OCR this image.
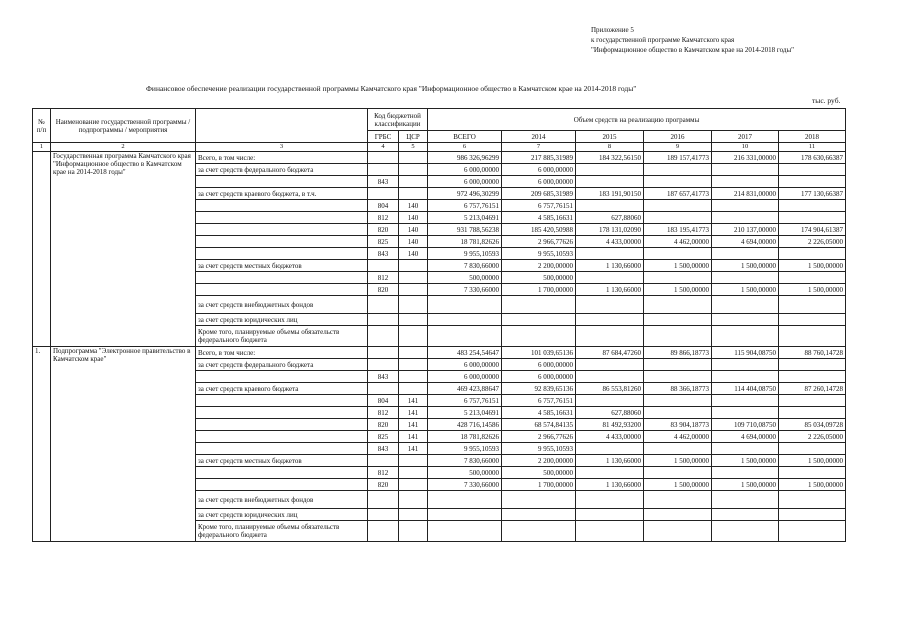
Приложение 5
к государственной программе Камчатского края
"Информационное общество в Камчатском крае на 2014-2018 годы"
Финансовое обеспечение реализации государственной программы Камчатского края "Информационное общество в Камчатском крае на 2014-2018 годы"
тыс. руб.
№ п/п	Наименование государственной программы / подпрограммы / мероприятия		Код бюджетной классификации		Объем средств на реализацию программы					
			ГРБС	ЦСР	ВСЕГО	2014	2015	2016	2017	2018
1	2	3	4	5	6	7	8	9	10	11
	Государственная программа Камчатского края "Информационное общество в Камчатском крае на 2014-2018 годы"	Всего, в том числе:			986 326,96299	217 885,31989	184 322,56150	189 157,41773	216 331,00000	178 630,66387
		за счет средств федерального бюджета			6 000,00000	6 000,00000				
			843		6 000,00000	6 000,00000				
		за счет средств краевого бюджета, в т.ч.			972 496,30299	209 685,31989	183 191,90150	187 657,41773	214 831,00000	177 130,66387
			804	140	6 757,76151	6 757,76151				
			812	140	5 213,04691	4 585,16631	627,88060			
			820	140	931 788,56238	185 420,50988	178 131,02090	183 195,41773	210 137,00000	174 904,61387
			825	140	18 781,82626	2 966,77626	4 433,00000	4 462,00000	4 694,00000	2 226,05000
			843	140	9 955,10593	9 955,10593				
		за счет средств местных бюджетов			7 830,66000	2 200,00000	1 130,66000	1 500,00000	1 500,00000	1 500,00000
			812		500,00000	500,00000				
			820		7 330,66000	1 700,00000	1 130,66000	1 500,00000	1 500,00000	1 500,00000
		за счет средств внебюджетных фондов								
		за счет средств юридических лиц								
		Кроме того, планируемые объемы обязательств федерального бюджета								
1.	Подпрограмма "Электронное правительство в Камчатском крае"	Всего, в том числе:			483 254,54647	101 039,65136	87 684,47260	89 866,18773	115 904,08750	88 760,14728
		за счет средств федерального бюджета			6 000,00000	6 000,00000				
			843		6 000,00000	6 000,00000				
		за счет средств краевого бюджета			469 423,88647	92 839,65136	86 553,81260	88 366,18773	114 404,08750	87 260,14728
			804	141	6 757,76151	6 757,76151				
			812	141	5 213,04691	4 585,16631	627,88060			
			820	141	428 716,14586	68 574,84135	81 492,93200	83 904,18773	109 710,08750	85 034,09728
			825	141	18 781,82626	2 966,77626	4 433,00000	4 462,00000	4 694,00000	2 226,05000
			843	141	9 955,10593	9 955,10593				
		за счет средств местных бюджетов			7 830,66000	2 200,00000	1 130,66000	1 500,00000	1 500,00000	1 500,00000
			812		500,00000	500,00000				
			820		7 330,66000	1 700,00000	1 130,66000	1 500,00000	1 500,00000	1 500,00000
		за счет средств внебюджетных фондов								
		за счет средств юридических лиц								
		Кроме того, планируемые объемы обязательств федерального бюджета								
